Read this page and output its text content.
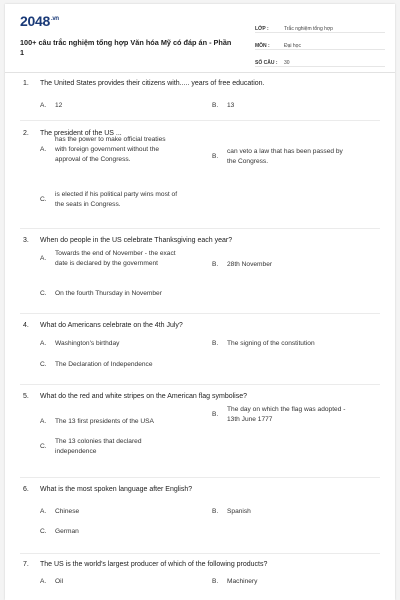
$2048^{.vn}$
100+ câu trắc nghiệm tổng hợp Văn hóa Mỹ có đáp án - Phần 1
LỚP :	Trắc nghiệm tổng hợp
MÔN :	Đại học
SỐ CÂU :	30
1. The United States provides their citizens with..... years of free education.
A. 12	B. 13
2. The president of the US ...
A.
has the power to make official treaties
with foreign government without the
approval of the Congress.	B.
can veto a law that has been passed by
the Congress.
C.
is elected if his political party wins most of
the seats in Congress.
3. When do people in the US celebrate Thanksgiving each year?
A.
Towards the end of November - the exact
date is declared by the government	B. 28th November
C. On the fourth Thursday in November
4. What do Americans celebrate on the 4th July?
A. Washington's birthday	B. The signing of the constitution
C. The Declaration of Independence
5. What do the red and white stripes on the American flag symbolise?
A. The 13 first presidents of the USA
B.
The day on which the flag was adopted -
13th June 1777
C.
The 13 colonies that declared
independence
6. What is the most spoken language after English?
A. Chinese	B. Spanish
C. German
7. The US is the world's largest producer of which of the following products?
A. Oil	B. Machinery
